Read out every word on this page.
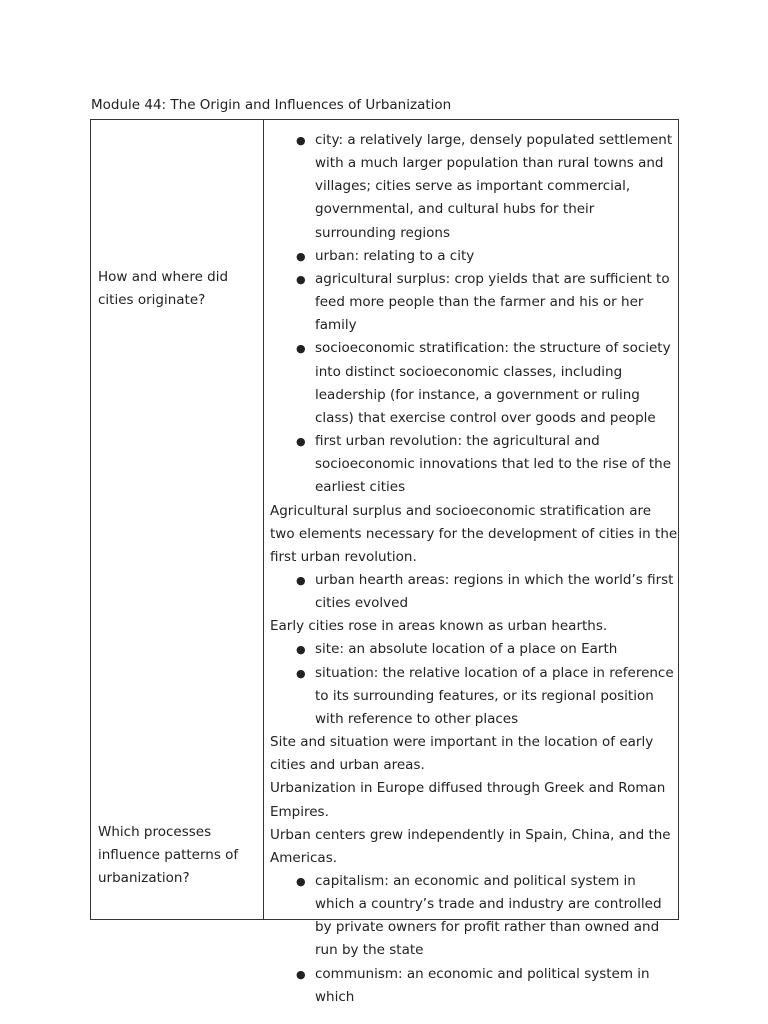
Module 44: The Origin and Influences of Urbanization
How and where did cities originate?
Which processes influence patterns of urbanization?
● city: a relatively large, densely populated settlement with a much larger population than rural towns and villages; cities serve as important commercial, governmental, and cultural hubs for their surrounding regions
● urban: relating to a city
● agricultural surplus: crop yields that are sufficient to feed more people than the farmer and his or her family
● socioeconomic stratification: the structure of society into distinct socioeconomic classes, including leadership (for instance, a government or ruling class) that exercise control over goods and people
● first urban revolution: the agricultural and socioeconomic innovations that led to the rise of the earliest cities

Agricultural surplus and socioeconomic stratification are two elements necessary for the development of cities in the first urban revolution.

● urban hearth areas: regions in which the world’s first cities evolved

Early cities rose in areas known as urban hearths.

● site: an absolute location of a place on Earth
● situation: the relative location of a place in reference to its surrounding features, or its regional position with reference to other places

Site and situation were important in the location of early cities and urban areas.

Urbanization in Europe diffused through Greek and Roman Empires.

Urban centers grew independently in Spain, China, and the Americas.

● capitalism: an economic and political system in which a country’s trade and industry are controlled by private owners for profit rather than owned and run by the state
● communism: an economic and political system in which
